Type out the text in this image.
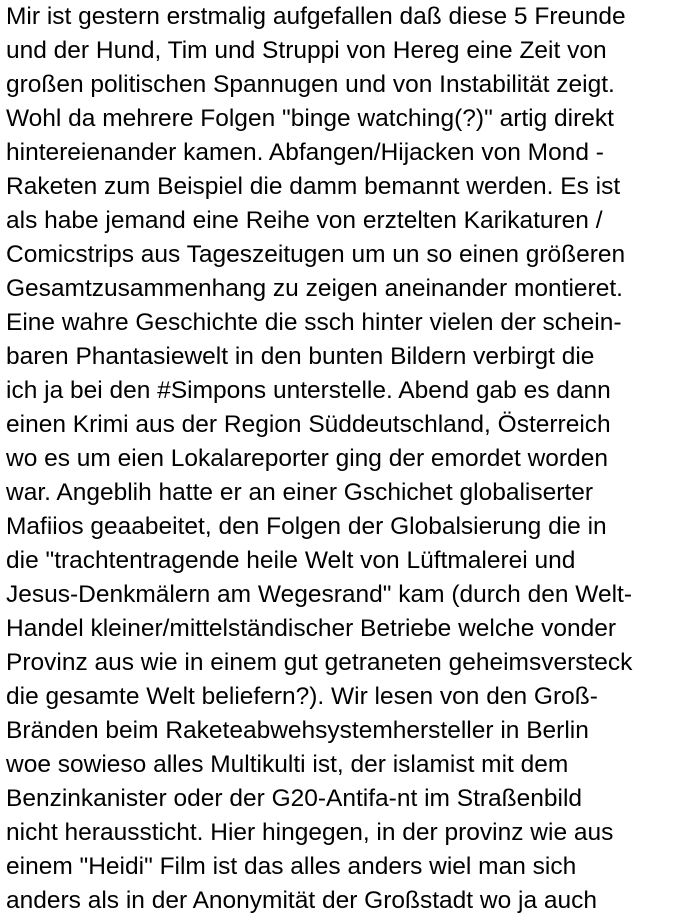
Mir ist gestern erstmalig aufgefallen daß diese 5 Freunde
und der Hund, Tim und Struppi von Hereg eine Zeit von
großen politischen Spannugen und von Instabilität zeigt.
Wohl da mehrere Folgen "binge watching(?)" artig direkt
hintereienander kamen. Abfangen/Hijacken von Mond -
Raketen zum Beispiel die damm bemannt werden. Es ist
als habe jemand eine Reihe von erztelten Karikaturen /
Comicstrips aus Tageszeitugen um un so einen größeren
Gesamtzusammenhang zu zeigen aneinander montieret.
Eine wahre Geschichte die ssch hinter vielen der schein-
baren Phantasiewelt in den bunten Bildern verbirgt die
ich ja bei den #Simpons unterstelle. Abend gab es dann
einen Krimi aus der Region Süddeutschland, Österreich
wo es um eien Lokalareporter ging der emordet worden
war. Angeblih hatte er an einer Gschichet globaliserter
Mafiios geaabeitet, den Folgen der Globalsierung die in
die "trachtentragende heile Welt von Lüftmalerei und
Jesus-Denkmälern am Wegesrand" kam (durch den Welt-
Handel kleiner/mittelständischer Betriebe welche vonder
Provinz aus wie in einem gut getraneten geheimsversteck
die gesamte Welt beliefern?). Wir lesen von den Groß-
Bränden beim Raketeabwehsystemhersteller in Berlin
woe sowieso alles Multikulti ist, der islamist mit dem
Benzinkanister oder der G20-Antifa-nt im Straßenbild
nicht heraussticht. Hier hingegen, in der provinz wie aus
einem "Heidi" Film ist das alles anders wiel man sich
anders als in der Anonymität der Großstadt wo ja auch
